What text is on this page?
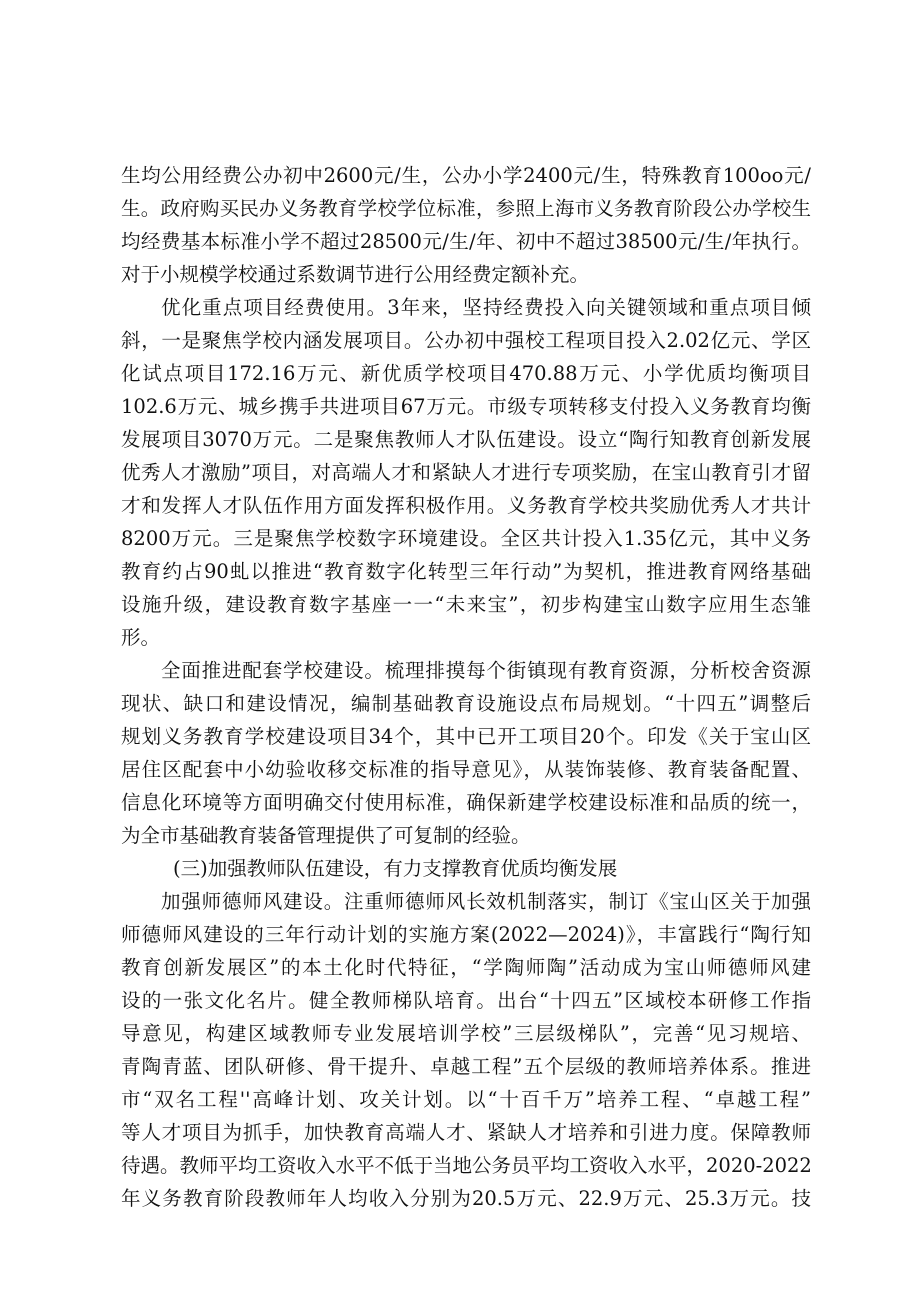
生均公用经费公办初中2600元/生，公办小学2400元/生，特殊教育100oo元/
生。政府购买民办义务教育学校学位标准，参照上海市义务教育阶段公办学校生
均经费基本标准小学不超过28500元/生/年、初中不超过38500元/生/年执行。
对于小规模学校通过系数调节进行公用经费定额补充。
优化重点项目经费使用。3年来，坚持经费投入向关键领域和重点项目倾
斜，一是聚焦学校内涵发展项目。公办初中强校工程项目投入2.02亿元、学区
化试点项目172.16万元、新优质学校项目470.88万元、小学优质均衡项目
102.6万元、城乡携手共进项目67万元。市级专项转移支付投入义务教育均衡
发展项目3070万元。二是聚焦教师人才队伍建设。设立“陶行知教育创新发展
优秀人才激励”项目，对高端人才和紧缺人才进行专项奖励，在宝山教育引才留
才和发挥人才队伍作用方面发挥积极作用。义务教育学校共奖励优秀人才共计
8200万元。三是聚焦学校数字环境建设。全区共计投入1.35亿元，其中义务
教育约占90虬以推进“教育数字化转型三年行动”为契机，推进教育网络基础
设施升级，建设教育数字基座一一“未来宝”，初步构建宝山数字应用生态雏
形。
全面推进配套学校建设。梳理排摸每个街镇现有教育资源，分析校舍资源
现状、缺口和建设情况，编制基础教育设施设点布局规划。“十四五”调整后
规划义务教育学校建设项目34个，其中已开工项目20个。印发《关于宝山区
居住区配套中小幼验收移交标准的指导意见》，从装饰装修、教育装备配置、
信息化环境等方面明确交付使用标准，确保新建学校建设标准和品质的统一，
为全市基础教育装备管理提供了可复制的经验。
(三)加强教师队伍建设，有力支撑教育优质均衡发展
加强师德师风建设。注重师德师风长效机制落实，制订《宝山区关于加强
师德师风建设的三年行动计划的实施方案(2022—2024)》，丰富践行“陶行知
教育创新发展区”的本土化时代特征，“学陶师陶”活动成为宝山师德师风建
设的一张文化名片。健全教师梯队培育。出台“十四五”区域校本研修工作指
导意见，构建区域教师专业发展培训学校”三层级梯队”，完善“见习规培、
青陶青蓝、团队研修、骨干提升、卓越工程”五个层级的教师培养体系。推进
市“双名工程''高峰计划、攻关计划。以“十百千万”培养工程、“卓越工程”
等人才项目为抓手，加快教育高端人才、紧缺人才培养和引进力度。保障教师
待遇。教师平均工资收入水平不低于当地公务员平均工资收入水平，2020-2022
年义务教育阶段教师年人均收入分别为20.5万元、22.9万元、25.3万元。技
